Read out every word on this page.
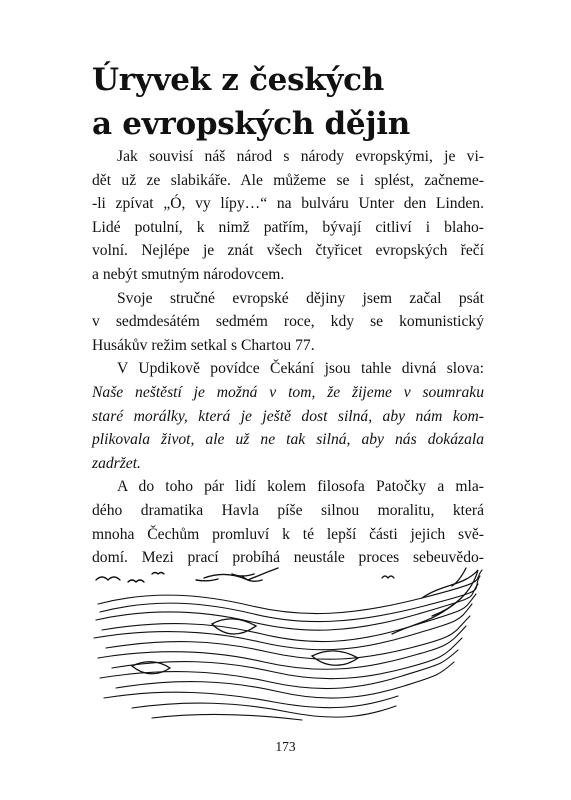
Úryvek z českých
a evropských dějin
Jak souvisí náš národ s národy evropskými, je vi-
dět už ze slabikáře. Ale můžeme se i splést, začneme-
-li zpívat „Ó, vy lípy…“ na bulváru Unter den Linden.
Lidé potulní, k nimž patřím, bývají citliví i blaho-
volní. Nejlépe je znát všech čtyřicet evropských řečí
a nebýt smutným národovcem.
Svoje stručné evropské dějiny jsem začal psát
v sedmdesátém sedmém roce, kdy se komunistický
Husákův režim setkal s Chartou 77.
V Updikově povídce Čekání jsou tahle divná slova:
Naše neštěstí je možná v tom, že žijeme v soumraku
staré morálky, která je ještě dost silná, aby nám kom-
plikovala život, ale už ne tak silná, aby nás dokázala
zadržet.
A do toho pár lidí kolem filosofa Patočky a mla-
dého dramatika Havla píše silnou moralitu, která
mnoha Čechům promluví k té lepší části jejich svě-
domí. Mezi prací probíhá neustále proces sebeuvědo-
173
